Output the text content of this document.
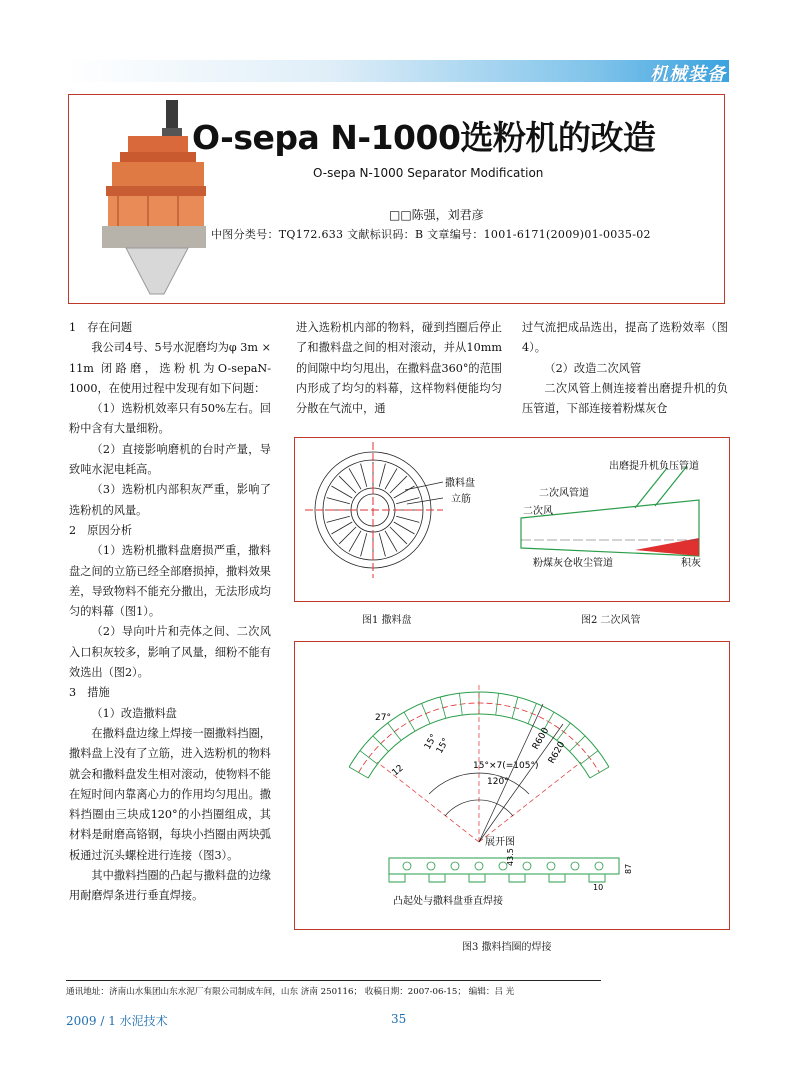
机械装备
O-sepa N-1000选粉机的改造
O-sepa N-1000 Separator Modification
□□陈强，刘君彦
中图分类号：TQ172.633 文献标识码：B 文章编号：1001-6171(2009)01-0035-02

1　存在问题

我公司4号、5号水泥磨均为φ 3m × 11m 闭路磨，选粉机为O-sepaN-1000，在使用过程中发现有如下问题：

（1）选粉机效率只有50%左右。回粉中含有大量细粉。

（2）直接影响磨机的台时产量，导致吨水泥电耗高。

（3）选粉机内部积灰严重，影响了选粉机的风量。

2　原因分析

（1）选粉机撒料盘磨损严重，撒料盘之间的立筋已经全部磨损掉，撒料效果差，导致物料不能充分撒出，无法形成均匀的料幕（图1）。

（2）导向叶片和壳体之间、二次风入口积灰较多，影响了风量，细粉不能有效选出（图2）。

3　措施

（1）改造撒料盘

在撒料盘边缘上焊接一圈撒料挡圈，撒料盘上没有了立筋，进入选粉机的物料就会和撒料盘发生相对滚动，使物料不能在短时间内靠离心力的作用均匀甩出。撒料挡圈由三块成120°的小挡圈组成，其材料是耐磨高铬钢，每块小挡圈由两块弧板通过沉头螺栓进行连接（图3）。

其中撒料挡圈的凸起与撒料盘的边缘用耐磨焊条进行垂直焊接。

进入选粉机内部的物料，碰到挡圈后停止了和撒料盘之间的相对滚动，并从10mm的间隙中均匀甩出，在撒料盘360°的范围内形成了均匀的料幕，这样物料便能均匀分散在气流中，通

过气流把成品选出，提高了选粉效率（图4）。

（2）改造二次风管

二次风管上侧连接着出磨提升机的负压管道，下部连接着粉煤灰仓

撒料盘
立筋
出磨提升机负压管道
二次风管道
二次风
粉煤灰仓收尘管道	积灰
图1 撒料盘	图2 二次风管
27°
15°
15°
12
R600
R620
15°×7(=105°)
120°
展开图
43.5
87
10
凸起处与撒料盘垂直焊接
图3 撒料挡圈的焊接
通讯地址：济南山水集团山东水泥厂有限公司制成车间，山东 济南 250116； 收稿日期：2007-06-15； 编辑：吕 光
2009 / 1 水泥技术	35
